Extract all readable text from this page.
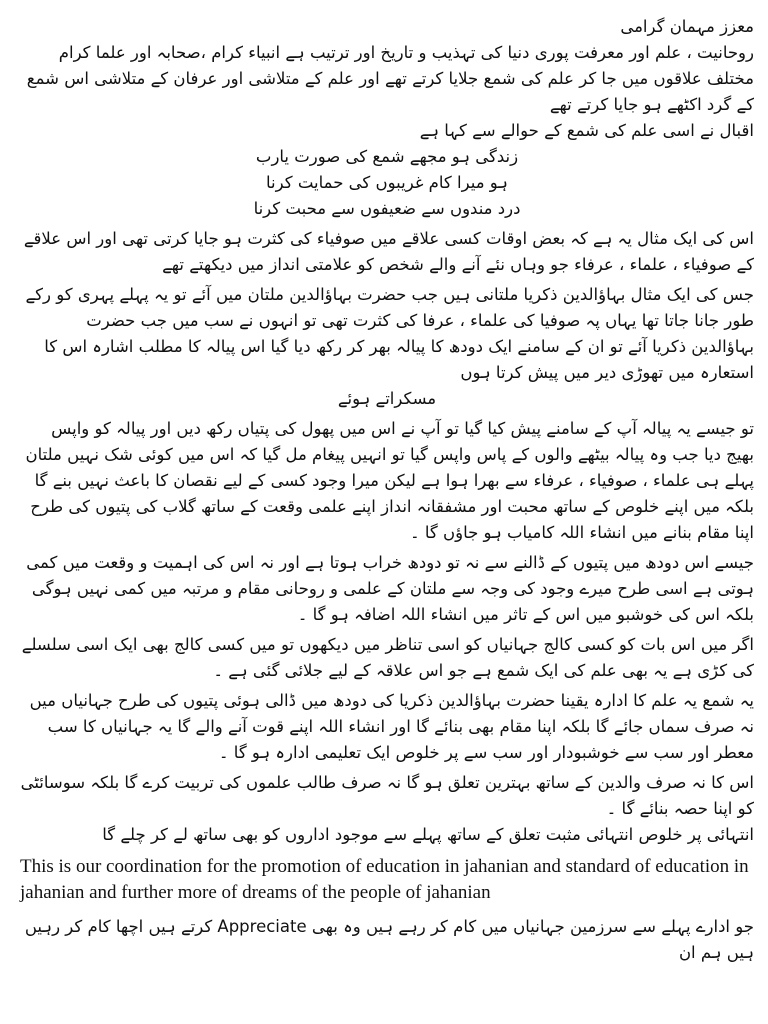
معزز مہمان گرامی

روحانیت ، علم اور معرفت پوری دنیا کی تہذیب و تاریخ اور ترتیب ہے انبیاء کرام ،صحابہ اور علما کرام مختلف علاقوں میں جا کر علم کی شمع جلایا کرتے تھے اور علم کے متلاشی اور عرفان کے متلاشی اس شمع کے گرد اکٹھے ہو جایا کرتے تھے

اقبال نے اسی علم کی شمع کے حوالے سے کہا ہے

زندگی ہو مجھے شمع کی صورت یارب

ہو میرا کام غریبوں کی حمایت کرنا

درد مندوں سے ضعیفوں سے محبت کرنا

اس کی ایک مثال یہ ہے کہ بعض اوقات کسی علاقے میں صوفیاء کی کثرت ہو جایا کرتی تھی اور اس علاقے کے صوفیاء ، علماء ، عرفاء جو وہاں نئے آنے والے شخص کو علامتی انداز میں دیکھتے تھے

جس کی ایک مثال بہاؤالدین ذکریا ملتانی ہیں جب حضرت بہاؤالدین ملتان میں آئے تو یہ پہلے پہری کو رکے طور جانا جاتا تھا یہاں پہ صوفیا کی علماء ، عرفا کی کثرت تھی تو انہوں نے سب میں جب حضرت بہاؤالدین ذکریا آئے تو ان کے سامنے ایک دودھ کا پیالہ بھر کر رکھ دیا گیا اس پیالہ کا مطلب اشارہ اس کا استعارہ میں تھوڑی دیر میں پیش کرتا ہوں

مسکراتے ہوئے

تو جیسے یہ پیالہ آپ کے سامنے پیش کیا گیا تو آپ نے اس میں پھول کی پتیاں رکھ دیں اور پیالہ کو واپس بھیج دیا جب وہ پیالہ بیٹھے والوں کے پاس واپس گیا تو انہیں پیغام مل گیا کہ اس میں کوئی شک نہیں ملتان پہلے ہی علماء ، صوفیاء ، عرفاء سے بھرا ہوا ہے لیکن میرا وجود کسی کے لیے نقصان کا باعث نہیں بنے گا بلکہ میں اپنے خلوص کے ساتھ محبت اور مشفقانہ انداز اپنے علمی وقعت کے ساتھ گلاب کی پتیوں کی طرح اپنا مقام بنانے میں انشاء اللہ کامیاب ہو جاؤں گا ۔

جیسے اس دودھ میں پتیوں کے ڈالنے سے نہ تو دودھ خراب ہوتا ہے اور نہ اس کی اہمیت و وقعت میں کمی ہوتی ہے اسی طرح میرے وجود کی وجہ سے ملتان کے علمی و روحانی مقام و مرتبہ میں کمی نہیں ہوگی بلکہ اس کی خوشبو میں اس کے تاثر میں انشاء اللہ اضافہ ہو گا ۔

اگر میں اس بات کو کسی کالج جہانیاں کو اسی تناظر میں دیکھوں تو میں کسی کالج بھی ایک اسی سلسلے کی کڑی ہے یہ بھی علم کی ایک شمع ہے جو اس علاقہ کے لیے جلائی گئی ہے ۔

یہ شمع یہ علم کا ادارہ یقینا حضرت بہاؤالدین ذکریا کی دودھ میں ڈالی ہوئی پتیوں کی طرح جہانیاں میں نہ صرف سماں جائے گا بلکہ اپنا مقام بھی بنائے گا اور انشاء اللہ اپنے قوت آنے والے گا یہ جہانیاں کا سب معطر اور سب سے خوشبودار اور سب سے پر خلوص ایک تعلیمی ادارہ ہو گا ۔

اس کا نہ صرف والدین کے ساتھ بہترین تعلق ہو گا نہ صرف طالب علموں کی تربیت کرے گا بلکہ سوسائٹی کو اپنا حصہ بنائے گا ۔

انتہائی پر خلوص انتہائی مثبت تعلق کے ساتھ پہلے سے موجود اداروں کو بھی ساتھ لے کر چلے گا

This is our coordination for the promotion of education in jahanian and standard of education in jahanian and further more of dreams of the people of jahanian

جو ادارے پہلے سے سرزمین جہانیاں میں کام کر رہے ہیں وہ بھی Appreciate کرتے ہیں اچھا کام کر رہیں ہیں ہم ان
